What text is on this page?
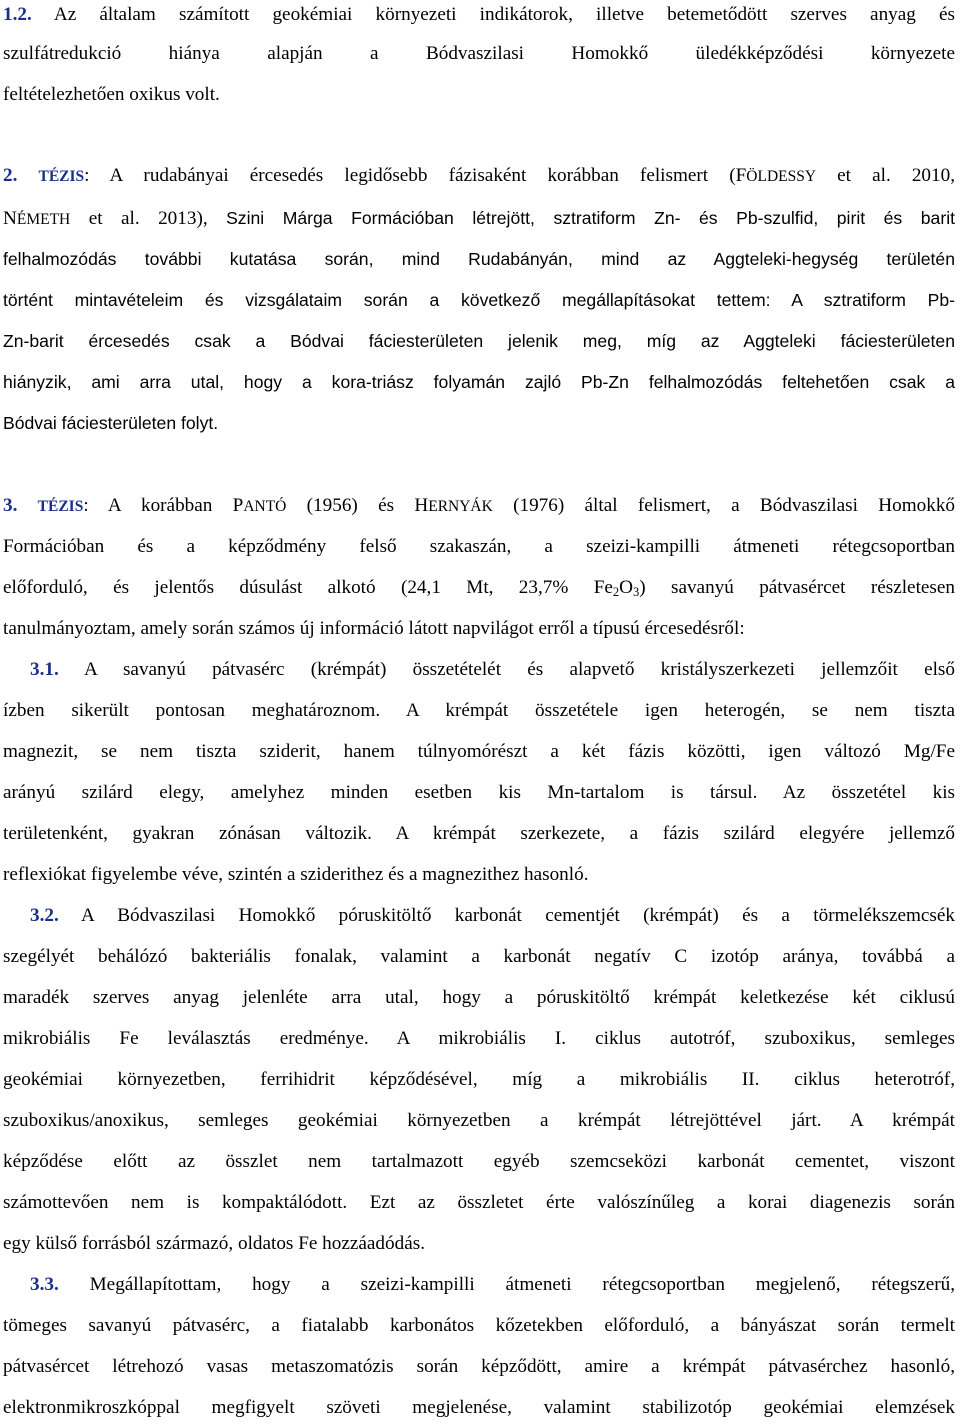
1.2. Az általam számított geokémiai környezeti indikátorok, illetve betemetődött szerves anyag és
szulfátredukció hiánya alapján a Bódvaszilasi Homokkő üledékképződési környezete
feltételezhetően oxikus volt.
2. TÉZIS: A rudabányai ércesedés legidősebb fázisaként korábban felismert (FÖLDESSY et al. 2010,
NÉMETH et al. 2013), Szini Márga Formációban létrejött, sztratiform Zn- és Pb-szulfid, pirit és barit
felhalmozódás további kutatása során, mind Rudabányán, mind az Aggteleki-hegység területén
történt mintavételeim és vizsgálataim során a következő megállapításokat tettem: A sztratiform Pb-
Zn-barit ércesedés csak a Bódvai fáciesterületen jelenik meg, míg az Aggteleki fáciesterületen
hiányzik, ami arra utal, hogy a kora-triász folyamán zajló Pb-Zn felhalmozódás feltehetően csak a
Bódvai fáciesterületen folyt.
3. TÉZIS: A korábban PANTÓ (1956) és HERNYÁK (1976) által felismert, a Bódvaszilasi Homokkő
Formációban és a képződmény felső szakaszán, a szeizi-kampilli átmeneti rétegcsoportban
előforduló, és jelentős dúsulást alkotó (24,1 Mt, 23,7% $Fe_2O_3$) savanyú pátvasércet részletesen
tanulmányoztam, amely során számos új információ látott napvilágot erről a típusú ércesedésről:
3.1. A savanyú pátvasérc (krémpát) összetételét és alapvető kristályszerkezeti jellemzőit első
ízben sikerült pontosan meghatároznom. A krémpát összetétele igen heterogén, se nem tiszta
magnezit, se nem tiszta sziderit, hanem túlnyomórészt a két fázis közötti, igen változó Mg/Fe
arányú szilárd elegy, amelyhez minden esetben kis Mn-tartalom is társul. Az összetétel kis
területenként, gyakran zónásan változik. A krémpát szerkezete, a fázis szilárd elegyére jellemző
reflexiókat figyelembe véve, szintén a sziderithez és a magnezithez hasonló.
3.2. A Bódvaszilasi Homokkő póruskitöltő karbonát cementjét (krémpát) és a törmelékszemcsék
szegélyét behálózó bakteriális fonalak, valamint a karbonát negatív C izotóp aránya, továbbá a
maradék szerves anyag jelenléte arra utal, hogy a póruskitöltő krémpát keletkezése két ciklusú
mikrobiális Fe leválasztás eredménye. A mikrobiális I. ciklus autotróf, szuboxikus, semleges
geokémiai környezetben, ferrihidrit képződésével, míg a mikrobiális II. ciklus heterotróf,
szuboxikus/anoxikus, semleges geokémiai környezetben a krémpát létrejöttével járt. A krémpát
képződése előtt az összlet nem tartalmazott egyéb szemcseközi karbonát cementet, viszont
számottevően nem is kompaktálódott. Ezt az összletet érte valószínűleg a korai diagenezis során
egy külső forrásból származó, oldatos Fe hozzáadódás.
3.3. Megállapítottam, hogy a szeizi-kampilli átmeneti rétegcsoportban megjelenő, rétegszerű,
tömeges savanyú pátvasérc, a fiatalabb karbonátos kőzetekben előforduló, a bányászat során termelt
pátvasércet létrehozó vasas metaszomatózis során képződött, amire a krémpát pátvasérchez hasonló,
elektronmikroszkóppal megfigyelt szöveti megjelenése, valamint stabilizotóp geokémiai elemzések
